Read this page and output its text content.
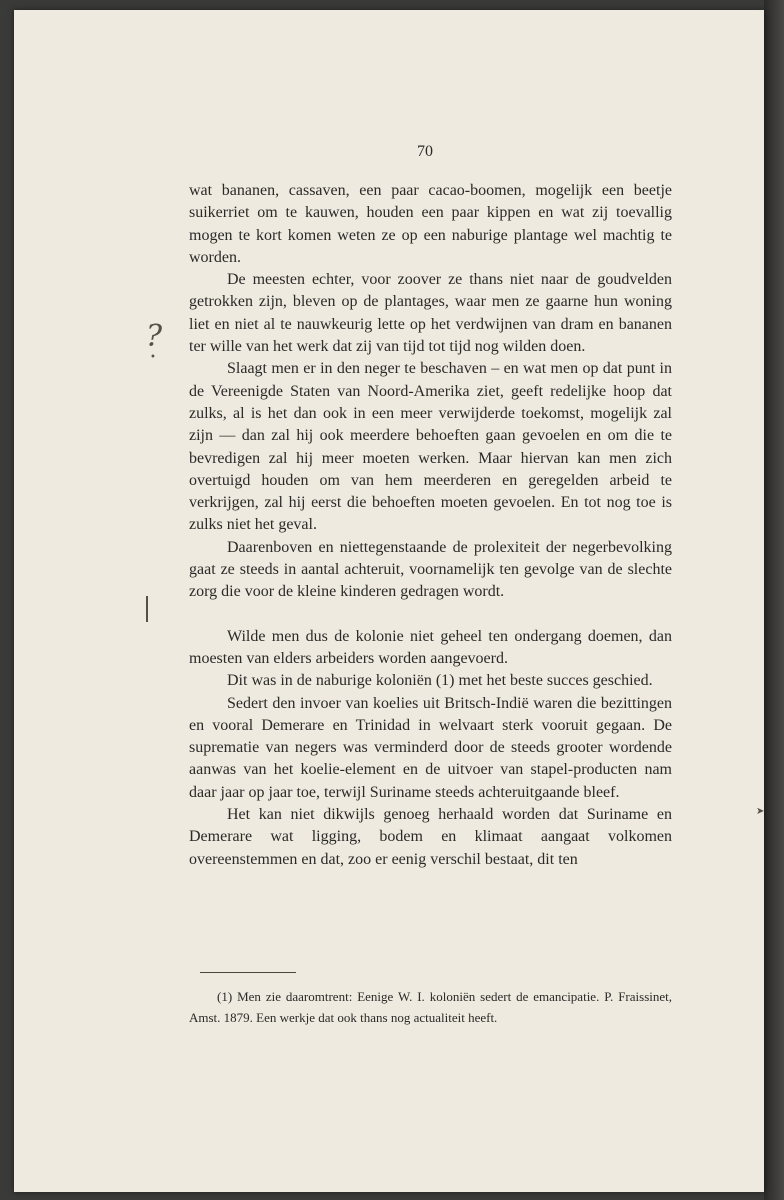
70

wat bananen, cassaven, een paar cacao-boomen, mogelijk een beetje suikerriet om te kauwen, houden een paar kippen en wat zij toevallig mogen te kort komen weten ze op een naburige plantage wel machtig te worden.

De meesten echter, voor zoover ze thans niet naar de goudvelden getrokken zijn, bleven op de plantages, waar men ze gaarne hun woning liet en niet al te nauwkeurig lette op het verdwijnen van dram en bananen ter wille van het werk dat zij van tijd tot tijd nog wilden doen.

Slaagt men er in den neger te beschaven – en wat men op dat punt in de Vereenigde Staten van Noord-Amerika ziet, geeft redelijke hoop dat zulks, al is het dan ook in een meer verwijderde toekomst, mogelijk zal zijn — dan zal hij ook meerdere behoeften gaan gevoelen en om die te bevredigen zal hij meer moeten werken. Maar hiervan kan men zich overtuigd houden om van hem meerderen en geregelden arbeid te verkrijgen, zal hij eerst die behoeften moeten gevoelen. En tot nog toe is zulks niet het geval.

Daarenboven en niettegenstaande de prolexiteit der negerbevolking gaat ze steeds in aantal achteruit, voornamelijk ten gevolge van de slechte zorg die voor de kleine kinderen gedragen wordt.

Wilde men dus de kolonie niet geheel ten ondergang doemen, dan moesten van elders arbeiders worden aangevoerd.

Dit was in de naburige koloniën (1) met het beste succes geschied.

Sedert den invoer van koelies uit Britsch-Indië waren die bezittingen en vooral Demerare en Trinidad in welvaart sterk vooruit gegaan. De suprematie van negers was verminderd door de steeds grooter wordende aanwas van het koelie-element en de uitvoer van stapel-producten nam daar jaar op jaar toe, terwijl Suriname steeds achteruitgaande bleef.

Het kan niet dikwijls genoeg herhaald worden dat Suriname en Demerare wat ligging, bodem en klimaat aangaat volkomen overeenstemmen en dat, zoo er eenig verschil bestaat, dit ten

(1) Men zie daaromtrent: Eenige W. I. koloniën sedert de emancipatie. P. Fraissinet, Amst. 1879. Een werkje dat ook thans nog actualiteit heeft.

?
•
➤
